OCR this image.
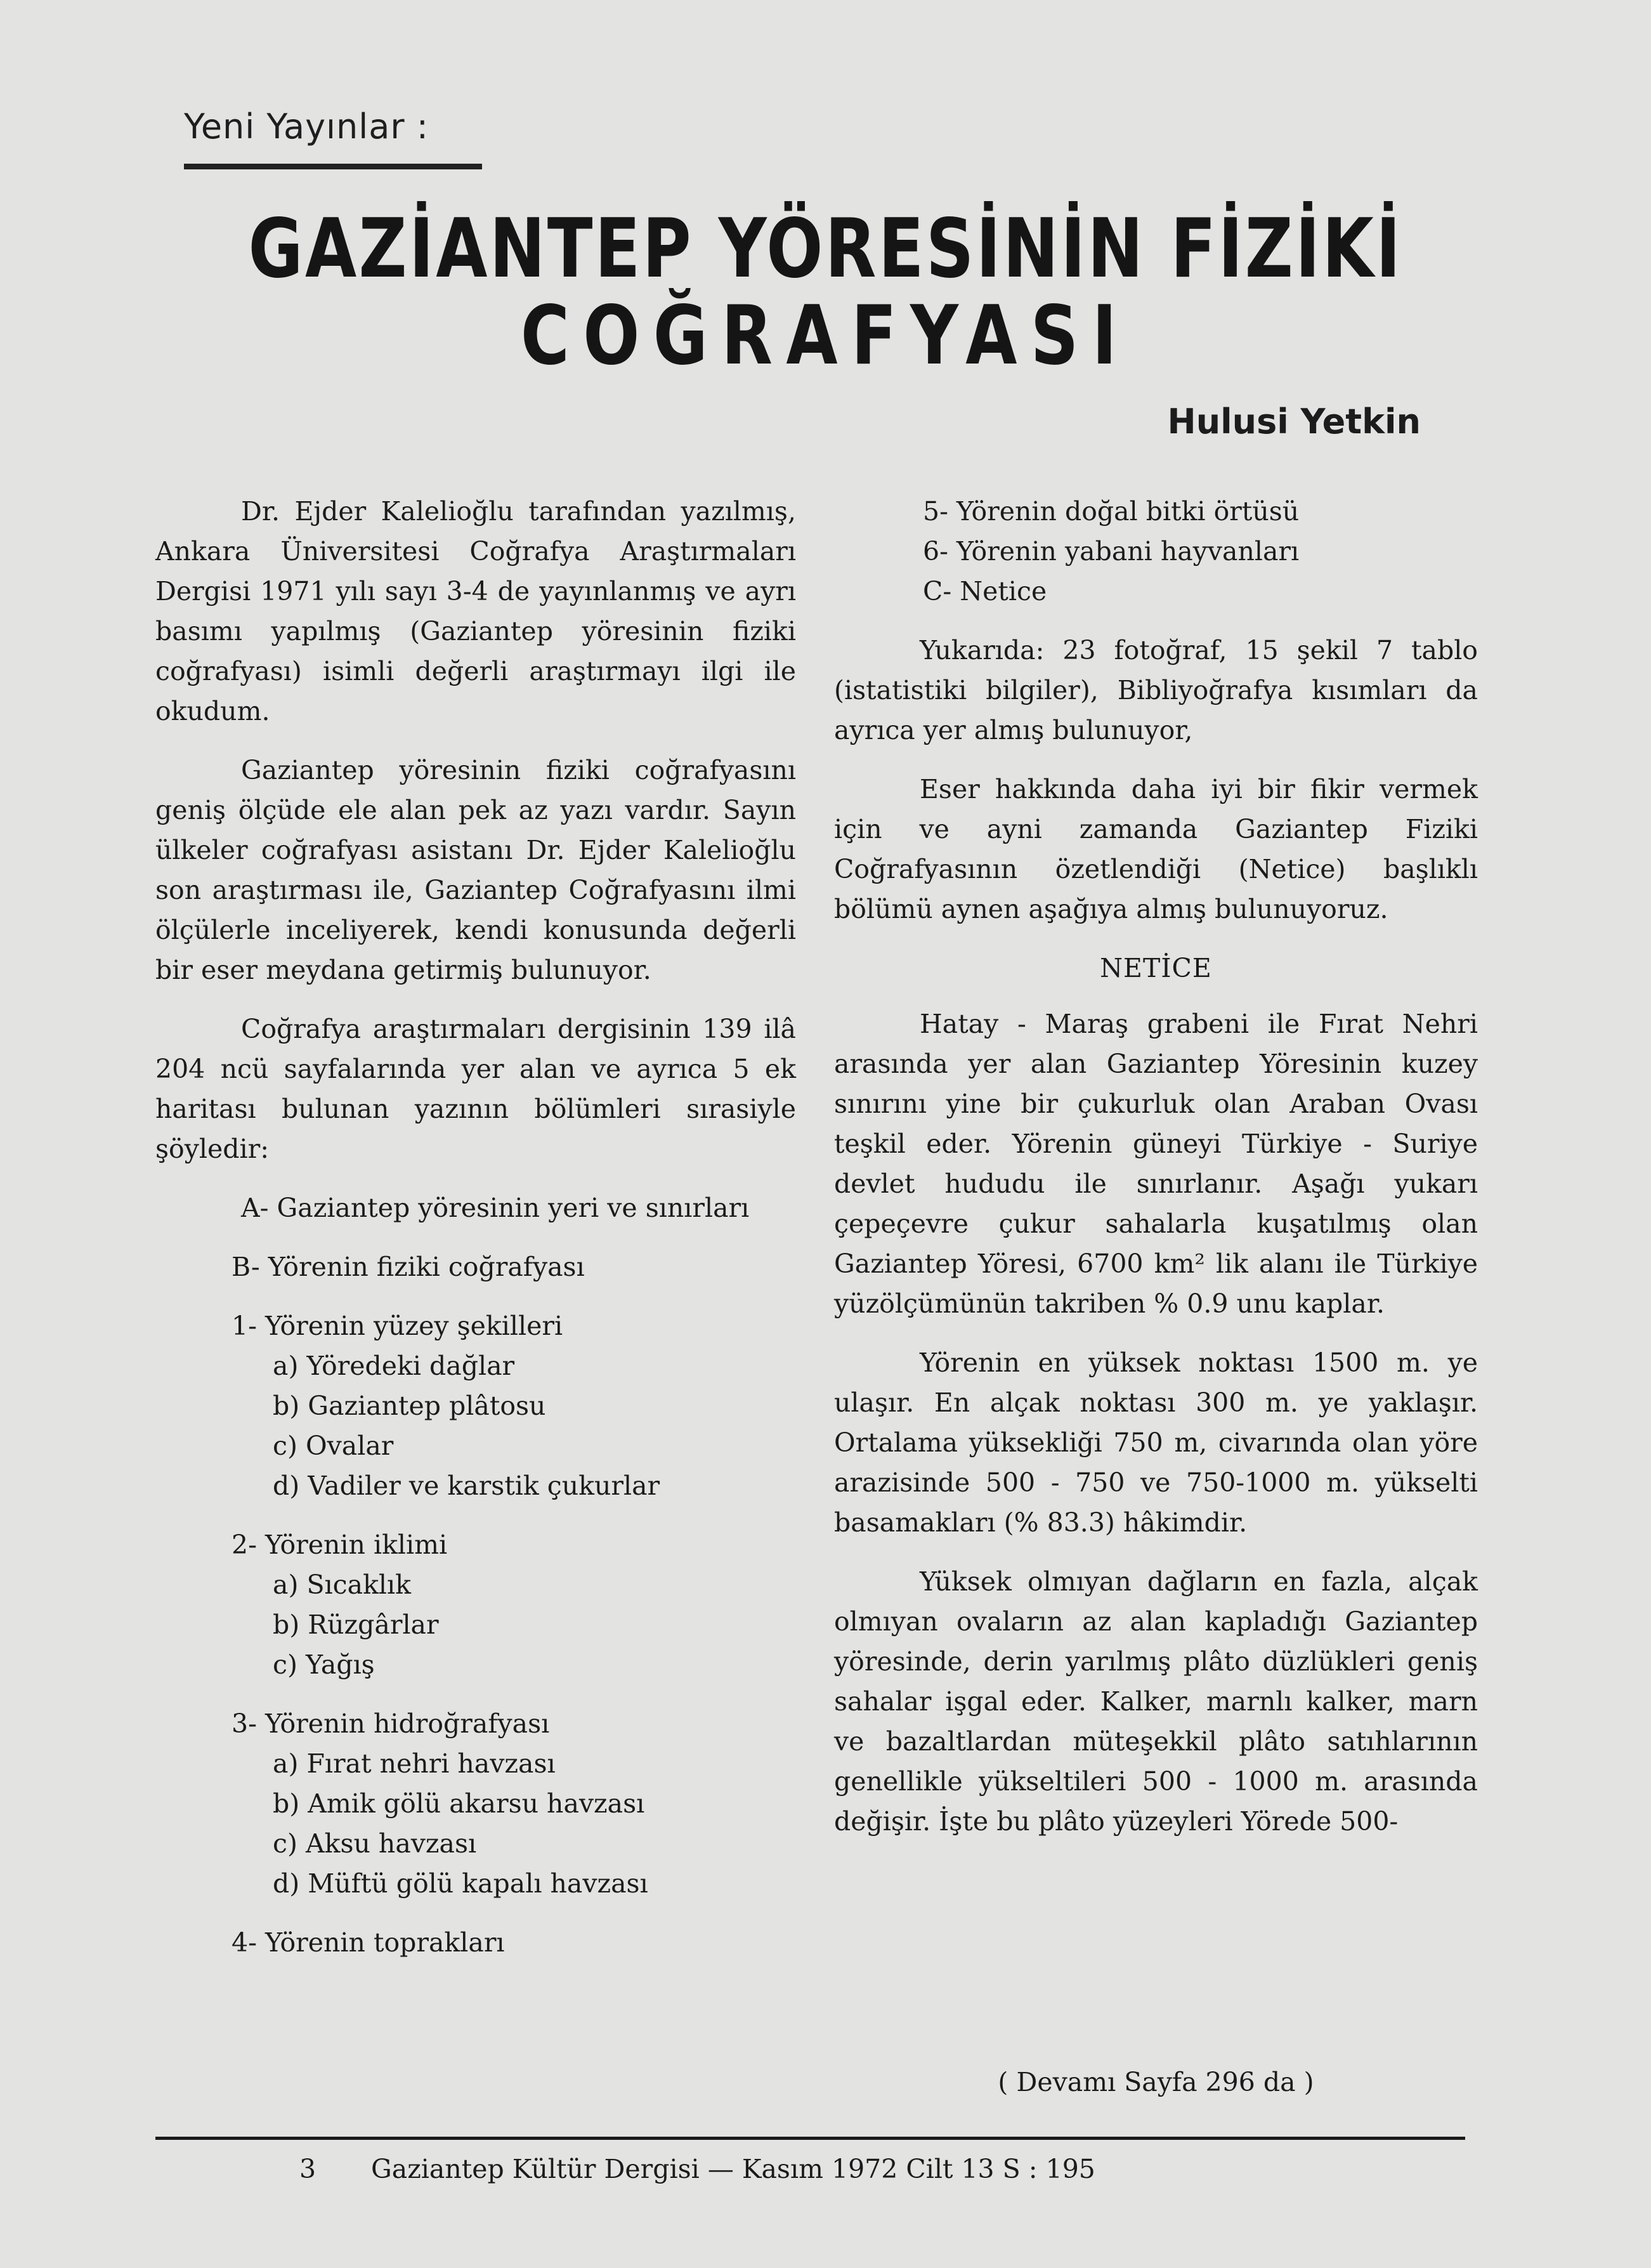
Yeni Yayınlar :
GAZİANTEP YÖRESİNİN FİZİKİ
COĞRAFYASI
Hulusi Yetkin

Dr. Ejder Kalelioğlu tarafından yazılmış, Ankara Üniversitesi Coğrafya Araştırmaları Dergisi 1971 yılı sayı 3-4 de yayınlanmış ve ayrı basımı yapılmış (Gaziantep yöresinin fiziki coğrafyası) isimli değerli araştırmayı ilgi ile okudum.

Gaziantep yöresinin fiziki coğrafyasını geniş ölçüde ele alan pek az yazı vardır. Sayın ülkeler coğrafyası asistanı Dr. Ejder Kalelioğlu son araştırması ile, Gaziantep Coğrafyasını ilmi ölçülerle inceliyerek, kendi konusunda değerli bir eser meydana getirmiş bulunuyor.

Coğrafya araştırmaları dergisinin 139 ilâ 204 ncü sayfalarında yer alan ve ayrıca 5 ek haritası bulunan yazının bölümleri sırasiyle şöyledir:

A- Gaziantep yöresinin yeri ve sınırları

B- Yörenin fiziki coğrafyası

1- Yörenin yüzey şekilleri

a) Yöredeki dağlar

b) Gaziantep plâtosu

c) Ovalar

d) Vadiler ve karstik çukurlar

2- Yörenin iklimi

a) Sıcaklık

b) Rüzgârlar

c) Yağış

3- Yörenin hidroğrafyası

a) Fırat nehri havzası

b) Amik gölü akarsu havzası

c) Aksu havzası

d) Müftü gölü kapalı havzası

4- Yörenin toprakları

5- Yörenin doğal bitki örtüsü

6- Yörenin yabani hayvanları

C- Netice

Yukarıda: 23 fotoğraf, 15 şekil 7 tablo (istatistiki bilgiler), Bibliyoğrafya kısımları da ayrıca yer almış bulunuyor,

Eser hakkında daha iyi bir fikir vermek için ve ayni zamanda Gaziantep Fiziki Coğrafyasının özetlendiği (Netice) başlıklı bölümü aynen aşağıya almış bulunuyoruz.

NETİCE

Hatay - Maraş grabeni ile Fırat Nehri arasında yer alan Gaziantep Yöresinin kuzey sınırını yine bir çukurluk olan Araban Ovası teşkil eder. Yörenin güneyi Türkiye - Suriye devlet hududu ile sınırlanır. Aşağı yukarı çepeçevre çukur sahalarla kuşatılmış olan Gaziantep Yöresi, 6700 km² lik alanı ile Türkiye yüzölçümünün takriben % 0.9 unu kaplar.

Yörenin en yüksek noktası 1500 m. ye ulaşır. En alçak noktası 300 m. ye yaklaşır. Ortalama yüksekliği 750 m, civarında olan yöre arazisinde 500 - 750 ve 750-1000 m. yükselti basamakları (% 83.3) hâkimdir.

Yüksek olmıyan dağların en fazla, alçak olmıyan ovaların az alan kapladığı Gaziantep yöresinde, derin yarılmış plâto düzlükleri geniş sahalar işgal eder. Kalker, marnlı kalker, marn ve bazaltlardan müteşekkil plâto satıhlarının genellikle yükseltileri 500 - 1000 m. arasında değişir. İşte bu plâto yüzeyleri Yörede 500-

( Devamı Sayfa 296 da )
3 Gaziantep Kültür Dergisi — Kasım 1972 Cilt 13 S : 195
